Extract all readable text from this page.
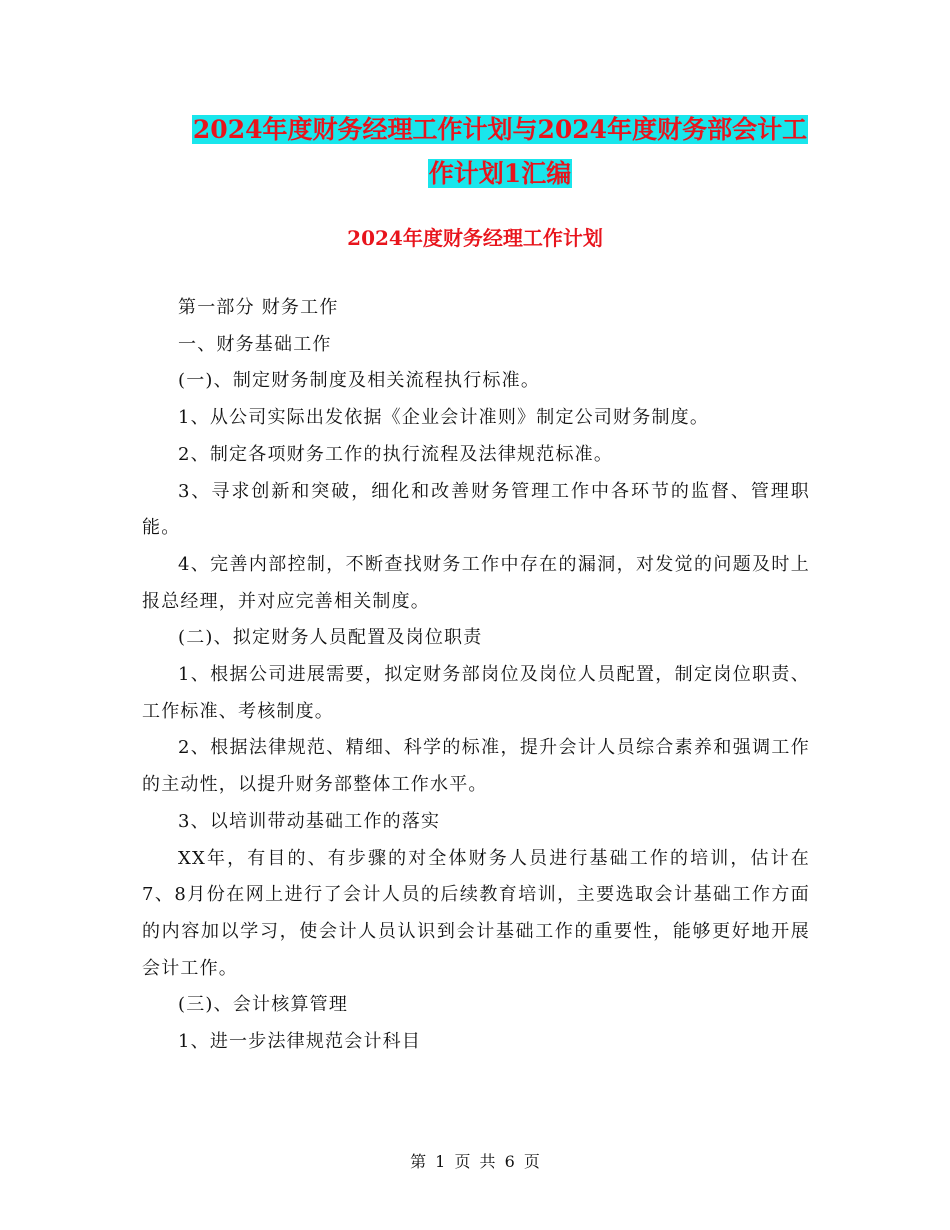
2024年度财务经理工作计划与2024年度财务部会计工
作计划1汇编
2024年度财务经理工作计划

第一部分 财务工作

一、财务基础工作

(一)、制定财务制度及相关流程执行标准。

1、从公司实际出发依据《企业会计准则》制定公司财务制度。

2、制定各项财务工作的执行流程及法律规范标准。

3、寻求创新和突破，细化和改善财务管理工作中各环节的监督、管理职能。

4、完善内部控制，不断查找财务工作中存在的漏洞，对发觉的问题及时上报总经理，并对应完善相关制度。

(二)、拟定财务人员配置及岗位职责

1、根据公司进展需要，拟定财务部岗位及岗位人员配置，制定岗位职责、工作标准、考核制度。

2、根据法律规范、精细、科学的标准，提升会计人员综合素养和强调工作的主动性，以提升财务部整体工作水平。

3、以培训带动基础工作的落实

XX年，有目的、有步骤的对全体财务人员进行基础工作的培训，估计在7、8月份在网上进行了会计人员的后续教育培训，主要选取会计基础工作方面的内容加以学习，使会计人员认识到会计基础工作的重要性，能够更好地开展会计工作。

(三)、会计核算管理

1、进一步法律规范会计科目

第 1 页 共 6 页
